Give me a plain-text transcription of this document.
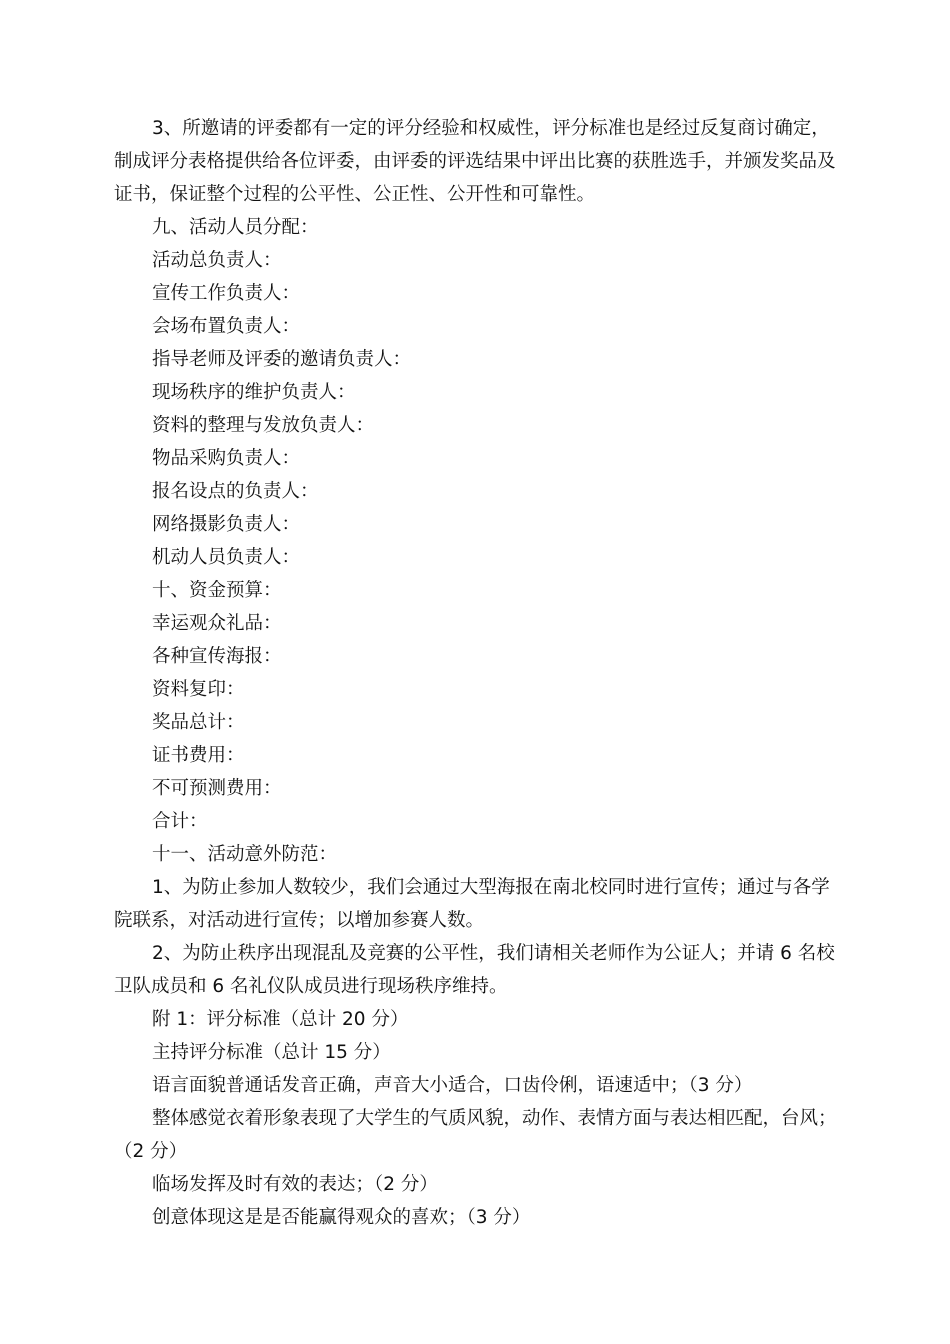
3、所邀请的评委都有一定的评分经验和权威性，评分标准也是经过反复商讨确定，制成评分表格提供给各位评委，由评委的评选结果中评出比赛的获胜选手，并颁发奖品及证书，保证整个过程的公平性、公正性、公开性和可靠性。

九、活动人员分配：

活动总负责人：

宣传工作负责人：

会场布置负责人：

指导老师及评委的邀请负责人：

现场秩序的维护负责人：

资料的整理与发放负责人：

物品采购负责人：

报名设点的负责人：

网络摄影负责人：

机动人员负责人：

十、资金预算：

幸运观众礼品：

各种宣传海报：

资料复印：

奖品总计：

证书费用：

不可预测费用：

合计：

十一、活动意外防范：

1、为防止参加人数较少，我们会通过大型海报在南北校同时进行宣传；通过与各学院联系，对活动进行宣传；以增加参赛人数。

2、为防止秩序出现混乱及竞赛的公平性，我们请相关老师作为公证人；并请 6 名校卫队成员和 6 名礼仪队成员进行现场秩序维持。

附 1：评分标准（总计 20 分）

主持评分标准（总计 15 分）

语言面貌普通话发音正确，声音大小适合，口齿伶俐，语速适中；（3 分）

整体感觉衣着形象表现了大学生的气质风貌，动作、表情方面与表达相匹配，台风；（2 分）

临场发挥及时有效的表达；（2 分）

创意体现这是是否能赢得观众的喜欢；（3 分）
